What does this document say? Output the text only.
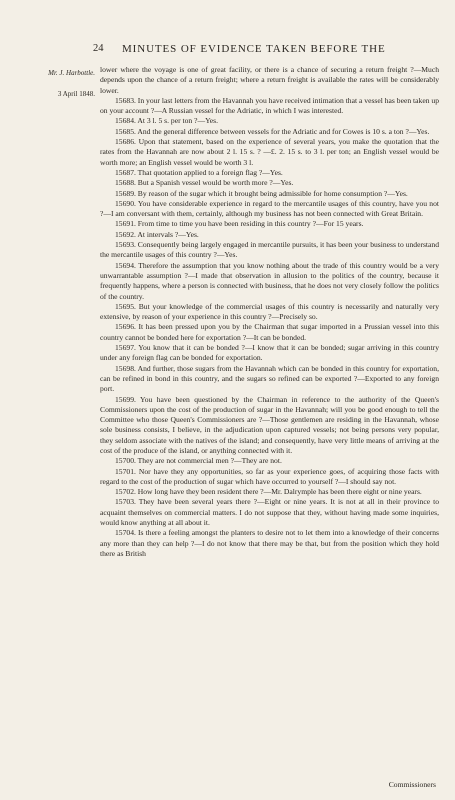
24 MINUTES OF EVIDENCE TAKEN BEFORE THE
Mr. J. Harbottle.
3 April 1848.

lower where the voyage is one of great facility, or there is a chance of securing a return freight ?—Much depends upon the chance of a return freight; where a return freight is available the rates will be considerably lower.

15683. In your last letters from the Havannah you have received intimation that a vessel has been taken up on your account ?—A Russian vessel for the Adriatic, in which I was interested.

15684. At 3 l. 5 s. per ton ?—Yes.

15685. And the general difference between vessels for the Adriatic and for Cowes is 10 s. a ton ?—Yes.

15686. Upon that statement, based on the experience of several years, you make the quotation that the rates from the Havannah are now about 2 l. 15 s. ? —£. 2. 15 s. to 3 l. per ton; an English vessel would be worth more; an English vessel would be worth 3 l.

15687. That quotation applied to a foreign flag ?—Yes.

15688. But a Spanish vessel would be worth more ?—Yes.

15689. By reason of the sugar which it brought being admissible for home consumption ?—Yes.

15690. You have considerable experience in regard to the mercantile usages of this country, have you not ?—I am conversant with them, certainly, although my business has not been connected with Great Britain.

15691. From time to time you have been residing in this country ?—For 15 years.

15692. At intervals ?—Yes.

15693. Consequently being largely engaged in mercantile pursuits, it has been your business to understand the mercantile usages of this country ?—Yes.

15694. Therefore the assumption that you know nothing about the trade of this country would be a very unwarrantable assumption ?—I made that observation in allusion to the politics of the country, because it frequently happens, where a person is connected with business, that he does not very closely follow the politics of the country.

15695. But your knowledge of the commercial usages of this country is necessarily and naturally very extensive, by reason of your experience in this country ?—Precisely so.

15696. It has been pressed upon you by the Chairman that sugar imported in a Prussian vessel into this country cannot be bonded here for exportation ?—It can be bonded.

15697. You know that it can be bonded ?—I know that it can be bonded; sugar arriving in this country under any foreign flag can be bonded for exportation.

15698. And further, those sugars from the Havannah which can be bonded in this country for exportation, can be refined in bond in this country, and the sugars so refined can be exported ?—Exported to any foreign port.

15699. You have been questioned by the Chairman in reference to the authority of the Queen's Commissioners upon the cost of the production of sugar in the Havannah; will you be good enough to tell the Committee who those Queen's Commissioners are ?—Those gentlemen are residing in the Havannah, whose sole business consists, I believe, in the adjudication upon captured vessels; not being persons very popular, they seldom associate with the natives of the island; and consequently, have very little means of arriving at the cost of the produce of the island, or anything connected with it.

15700. They are not commercial men ?—They are not.

15701. Nor have they any opportunities, so far as your experience goes, of acquiring those facts with regard to the cost of the production of sugar which have occurred to yourself ?—I should say not.

15702. How long have they been resident there ?—Mr. Dalrymple has been there eight or nine years.

15703. They have been several years there ?—Eight or nine years. It is not at all in their province to acquaint themselves on commercial matters. I do not suppose that they, without having made some inquiries, would know anything at all about it.

15704. Is there a feeling amongst the planters to desire not to let them into a knowledge of their concerns any more than they can help ?—I do not know that there may be that, but from the position which they hold there as British

Commissioners
